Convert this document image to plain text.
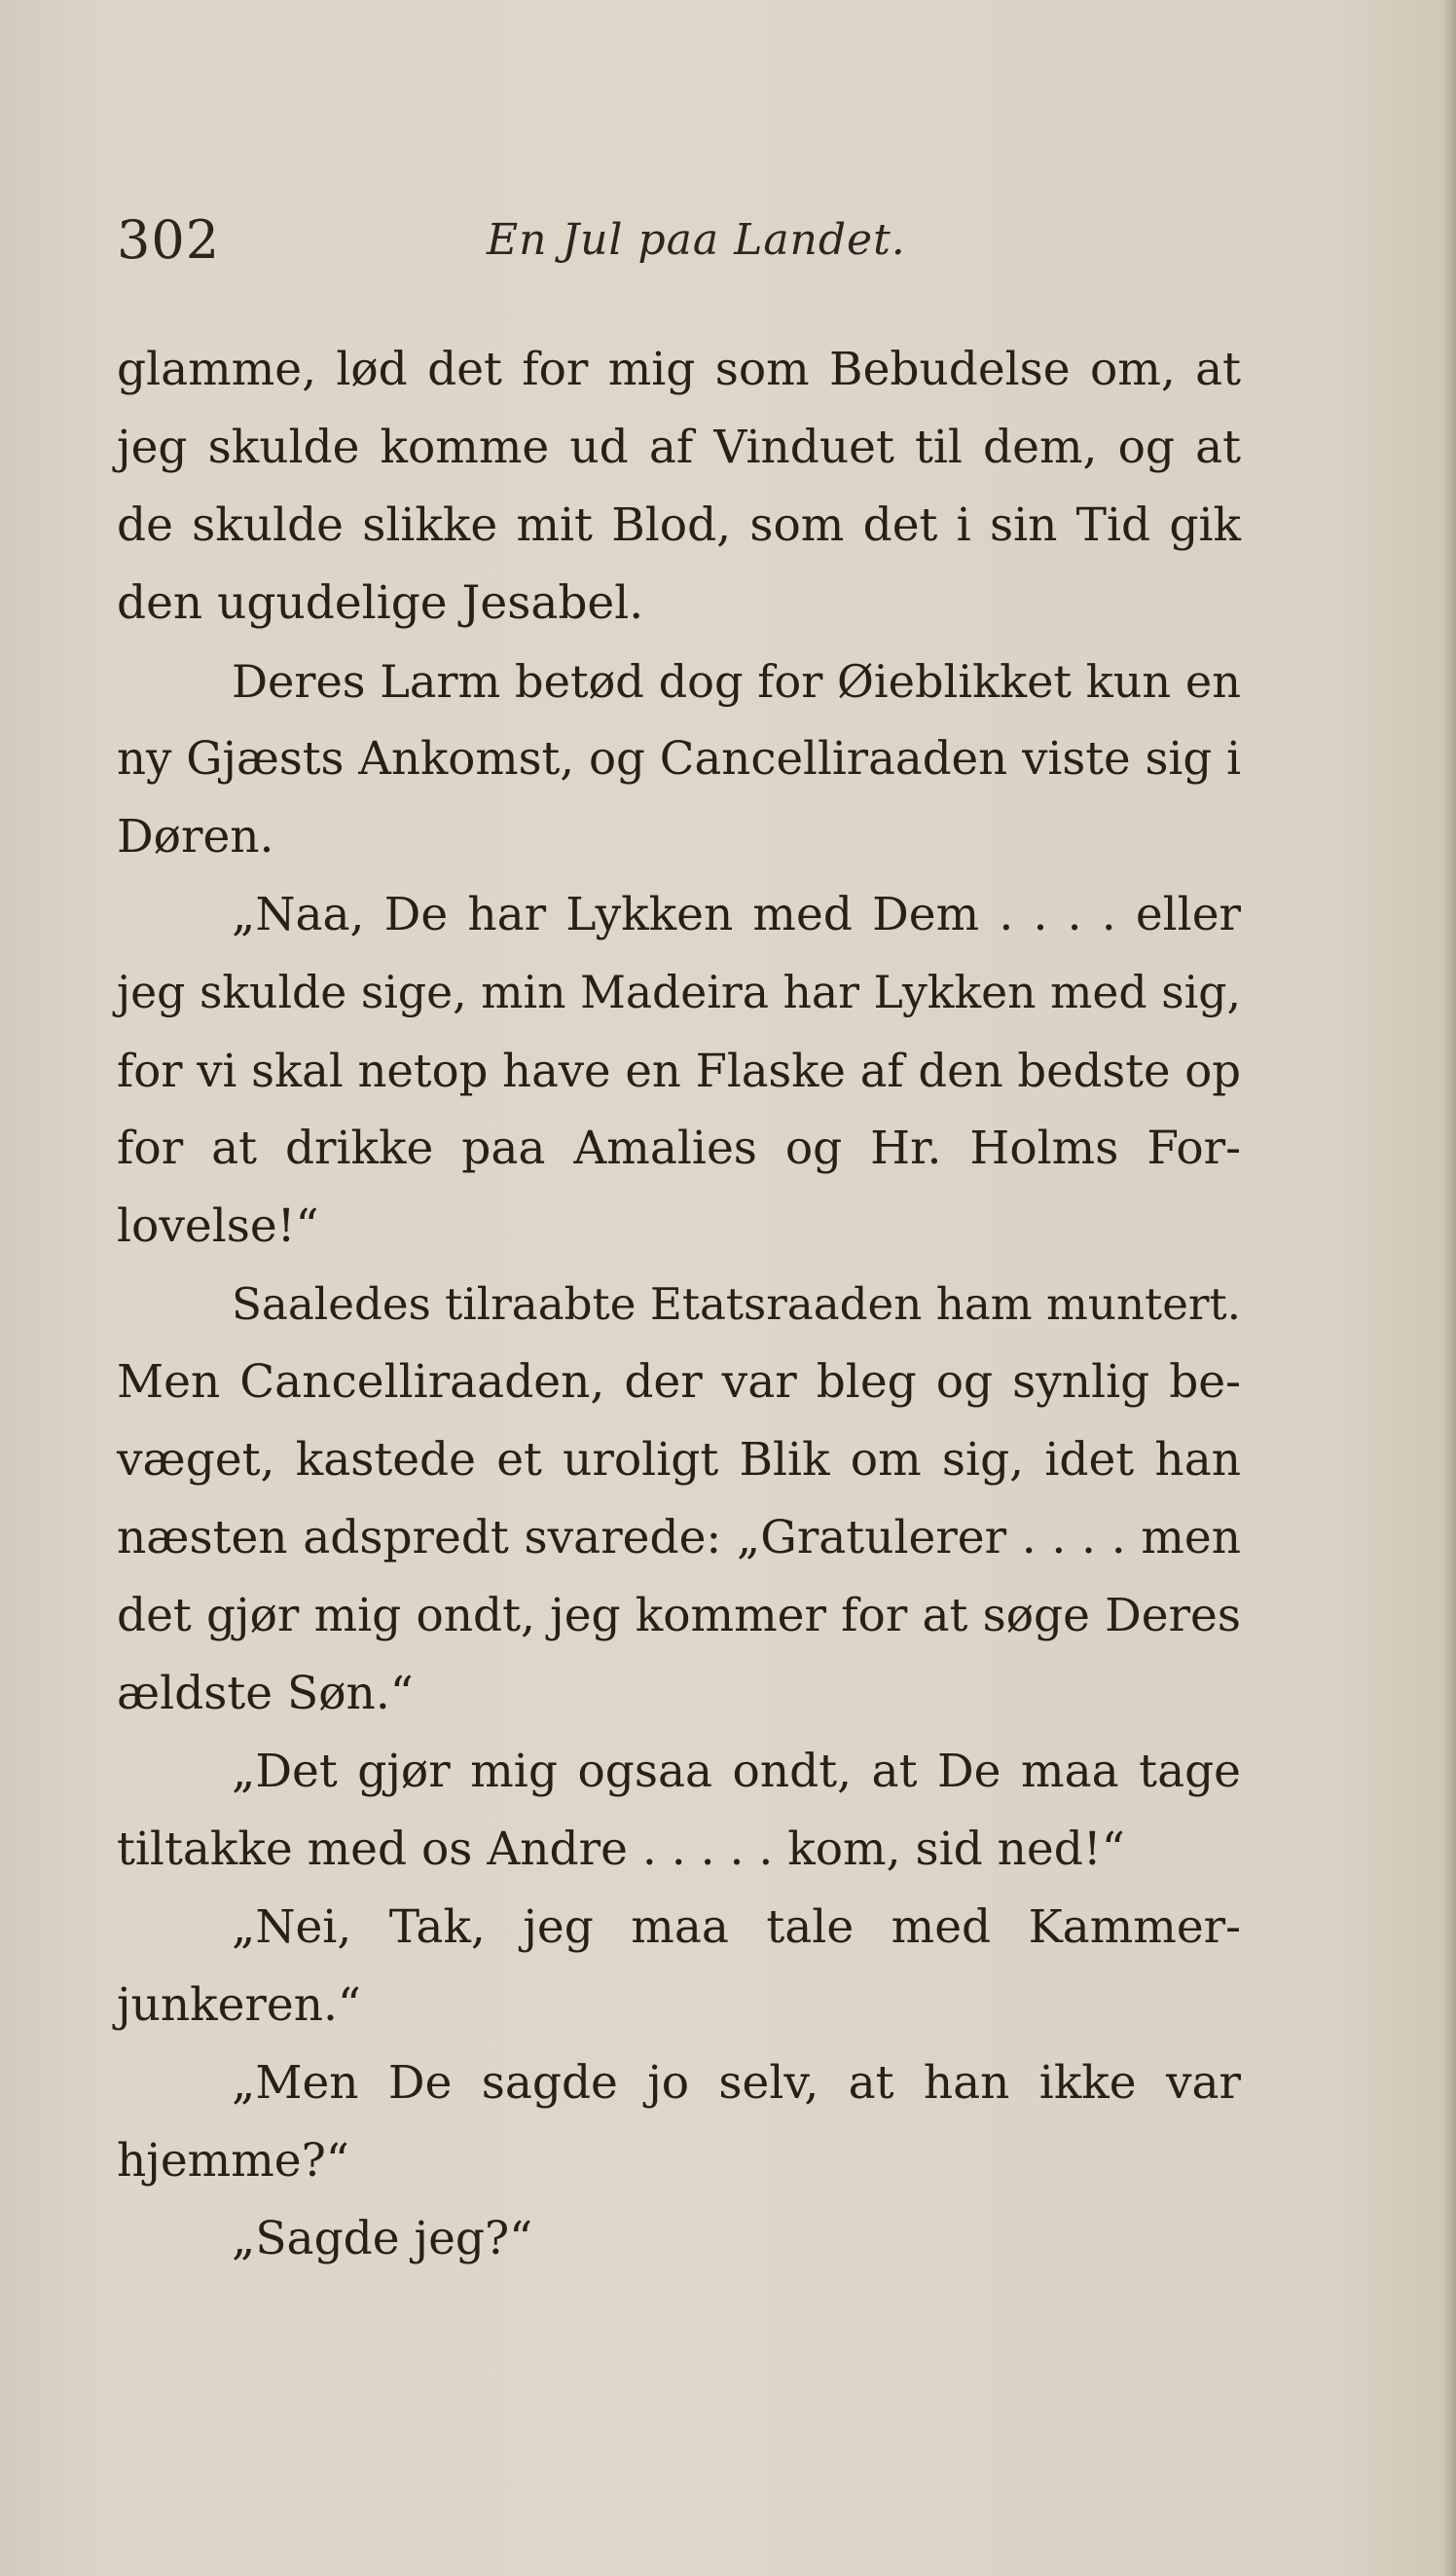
302	En Jul paa Landet.
glamme, lød det for mig som Bebudelse om, at
jeg skulde komme ud af Vinduet til dem, og at
de skulde slikke mit Blod, som det i sin Tid gik
den ugudelige Jesabel.
Deres Larm betød dog for Øieblikket kun en
ny Gjæsts Ankomst, og Cancelliraaden viste sig i
Døren.
„Naa, De har Lykken med Dem . . . . eller
jeg skulde sige, min Madeira har Lykken med sig,
for vi skal netop have en Flaske af den bedste op
for at drikke paa Amalies og Hr. Holms For-
lovelse!“
Saaledes tilraabte Etatsraaden ham muntert.
Men Cancelliraaden, der var bleg og synlig be-
væget, kastede et uroligt Blik om sig, idet han
næsten adspredt svarede: „Gratulerer . . . . men
det gjør mig ondt, jeg kommer for at søge Deres
ældste Søn.“
„Det gjør mig ogsaa ondt, at De maa tage
tiltakke med os Andre . . . . . kom, sid ned!“
„Nei, Tak, jeg maa tale med Kammer-
junkeren.“
„Men De sagde jo selv, at han ikke var
hjemme?“
„Sagde jeg?“
